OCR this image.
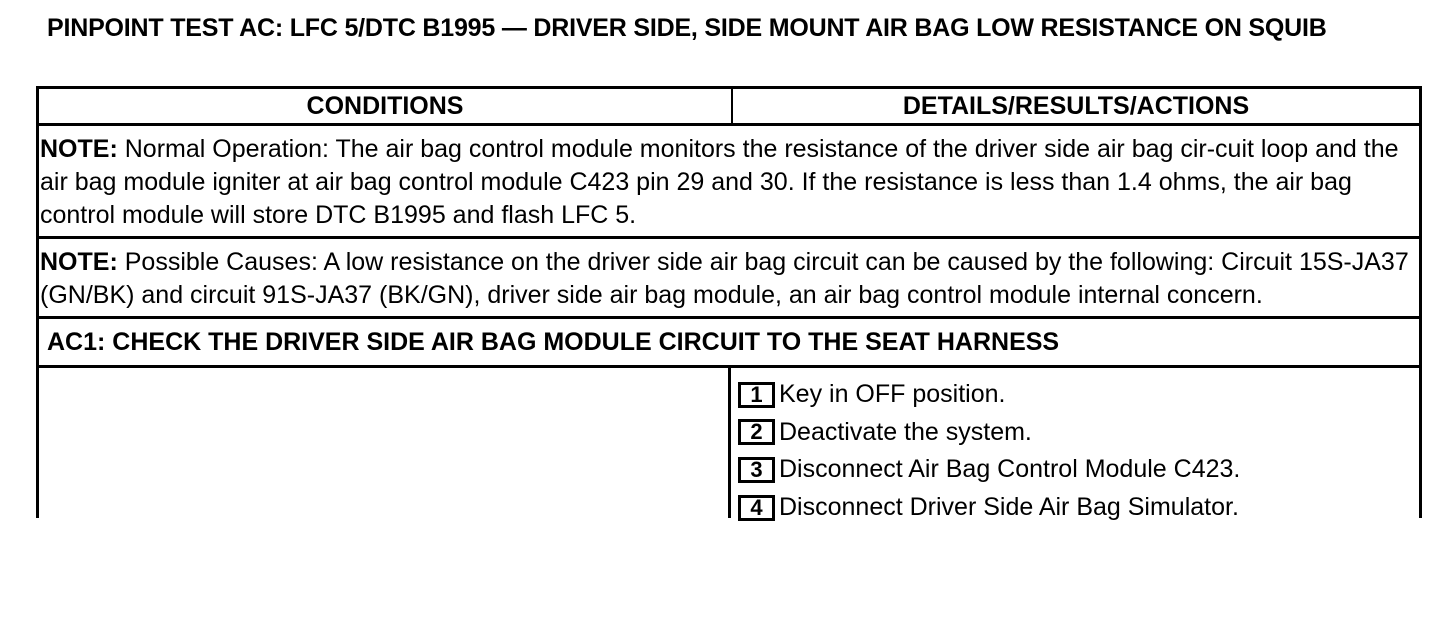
PINPOINT TEST AC: LFC 5/DTC B1995 — DRIVER SIDE, SIDE MOUNT AIR BAG LOW RESISTANCE ON SQUIB
CONDITIONS	DETAILS/RESULTS/ACTIONS
NOTE: Normal Operation: The air bag control module monitors the resistance of the driver side air bag cir-cuit loop and the air bag module igniter at air bag control module C423 pin 29 and 30. If the resistance is less than 1.4 ohms, the air bag control module will store DTC B1995 and flash LFC 5.
NOTE: Possible Causes: A low resistance on the driver side air bag circuit can be caused by the following: Circuit 15S-JA37 (GN/BK) and circuit 91S-JA37 (BK/GN), driver side air bag module, an air bag control module internal concern.
AC1: CHECK THE DRIVER SIDE AIR BAG MODULE CIRCUIT TO THE SEAT HARNESS
1 Key in OFF position.
2 Deactivate the system.
3 Disconnect Air Bag Control Module C423.
4 Disconnect Driver Side Air Bag Simulator.
